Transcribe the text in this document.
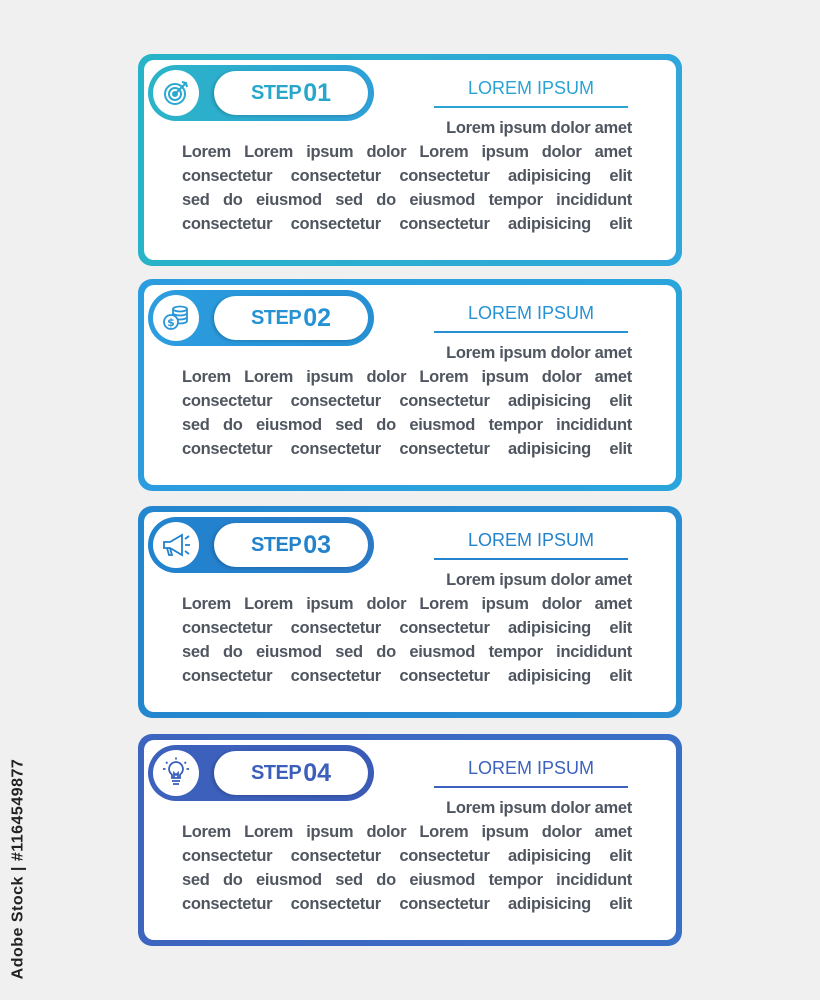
STEP 01	LOREM IPSUM
Lorem ipsum dolor amet
Lorem Lorem ipsum dolor Lorem ipsum dolor amet
consectetur consectetur consectetur adipisicing elit
sed do eiusmod sed do eiusmod tempor incididunt
consectetur consectetur consectetur adipisicing elit
$	STEP 02	LOREM IPSUM
Lorem ipsum dolor amet
Lorem Lorem ipsum dolor Lorem ipsum dolor amet
consectetur consectetur consectetur adipisicing elit
sed do eiusmod sed do eiusmod tempor incididunt
consectetur consectetur consectetur adipisicing elit
STEP 03	LOREM IPSUM
Lorem ipsum dolor amet
Lorem Lorem ipsum dolor Lorem ipsum dolor amet
consectetur consectetur consectetur adipisicing elit
sed do eiusmod sed do eiusmod tempor incididunt
consectetur consectetur consectetur adipisicing elit
STEP 04	LOREM IPSUM
Lorem ipsum dolor amet
Lorem Lorem ipsum dolor Lorem ipsum dolor amet
consectetur consectetur consectetur adipisicing elit
sed do eiusmod sed do eiusmod tempor incididunt
consectetur consectetur consectetur adipisicing elit
Adobe Stock | #1164549877
